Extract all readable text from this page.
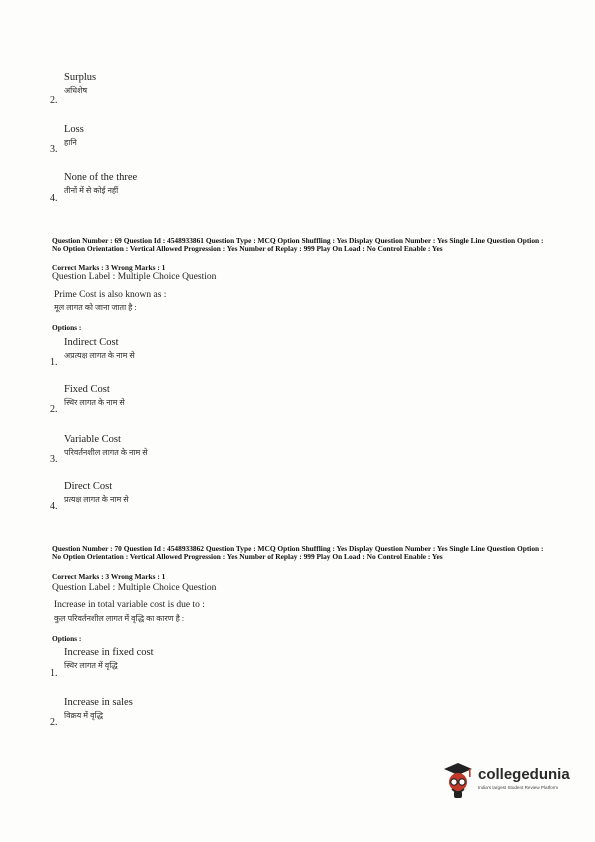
Surplus
अधिशेष
2.
Loss
हानि
3.
None of the three
तीनों में से कोई नहीं
4.
Question Number : 69 Question Id : 4548933861 Question Type : MCQ Option Shuffling : Yes Display Question Number : Yes Single Line Question Option : No Option Orientation : Vertical Allowed Progression : Yes Number of Replay : 999 Play On Load : No Control Enable : Yes
Correct Marks : 3 Wrong Marks : 1
Question Label : Multiple Choice Question
Prime Cost is also known as :
मूल लागत को जाना जाता है :
Options :
Indirect Cost
अप्रत्यक्ष लागत के नाम से
1.
Fixed Cost
स्थिर लागत के नाम से
2.
Variable Cost
परिवर्तनशील लागत के नाम से
3.
Direct Cost
प्रत्यक्ष लागत के नाम से
4.
Question Number : 70 Question Id : 4548933862 Question Type : MCQ Option Shuffling : Yes Display Question Number : Yes Single Line Question Option : No Option Orientation : Vertical Allowed Progression : Yes Number of Replay : 999 Play On Load : No Control Enable : Yes
Correct Marks : 3 Wrong Marks : 1
Question Label : Multiple Choice Question
Increase in total variable cost is due to :
कुल परिवर्तनशील लागत में वृद्धि का कारण है :
Options :
Increase in fixed cost
स्थिर लागत में वृद्धि
1.
Increase in sales
विक्रय में वृद्धि
2.
collegedunia
India's largest Student Review Platform
